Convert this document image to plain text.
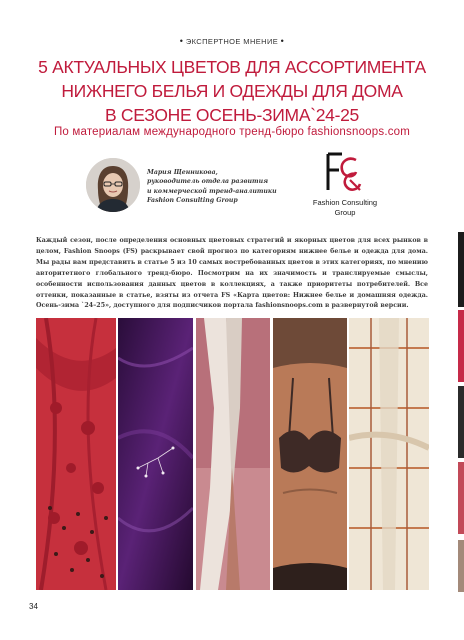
• ЭКСПЕРТНОЕ МНЕНИЕ •
5 АКТУАЛЬНЫХ ЦВЕТОВ ДЛЯ АССОРТИМЕНТА
НИЖНЕГО БЕЛЬЯ И ОДЕЖДЫ ДЛЯ ДОМА
В СЕЗОНЕ ОСЕНЬ-ЗИМА`24-25
По материалам международного тренд-бюро fashionsnoops.com
Мария Щенникова,
руководитель отдела развития
и коммерческой тренд-аналитики
Fashion Consulting Group	Fashion Consulting
Group
Каждый сезон, после определения основных цветовых стратегий и якорных цветов для всех рынков в целом, Fashion Snoops (FS) раскрывает свой прогноз по категориям нижнее белье и одежда для дома. Мы рады вам представить в статье 5 из 10 самых востребованных цветов в этих категориях, по мнению авторитетного глобального тренд-бюро. Посмотрим на их значимость и транслируемые смыслы, особенности использования данных цветов в коллекциях, а также приоритеты потребителей. Все оттенки, показанные в статье, взяты из отчета FS «Карта цветов: Нижнее белье и домашняя одежда. Осень-зима `24–25», доступного для подписчиков портала fashionsnoops.com в развернутой версии.
34
